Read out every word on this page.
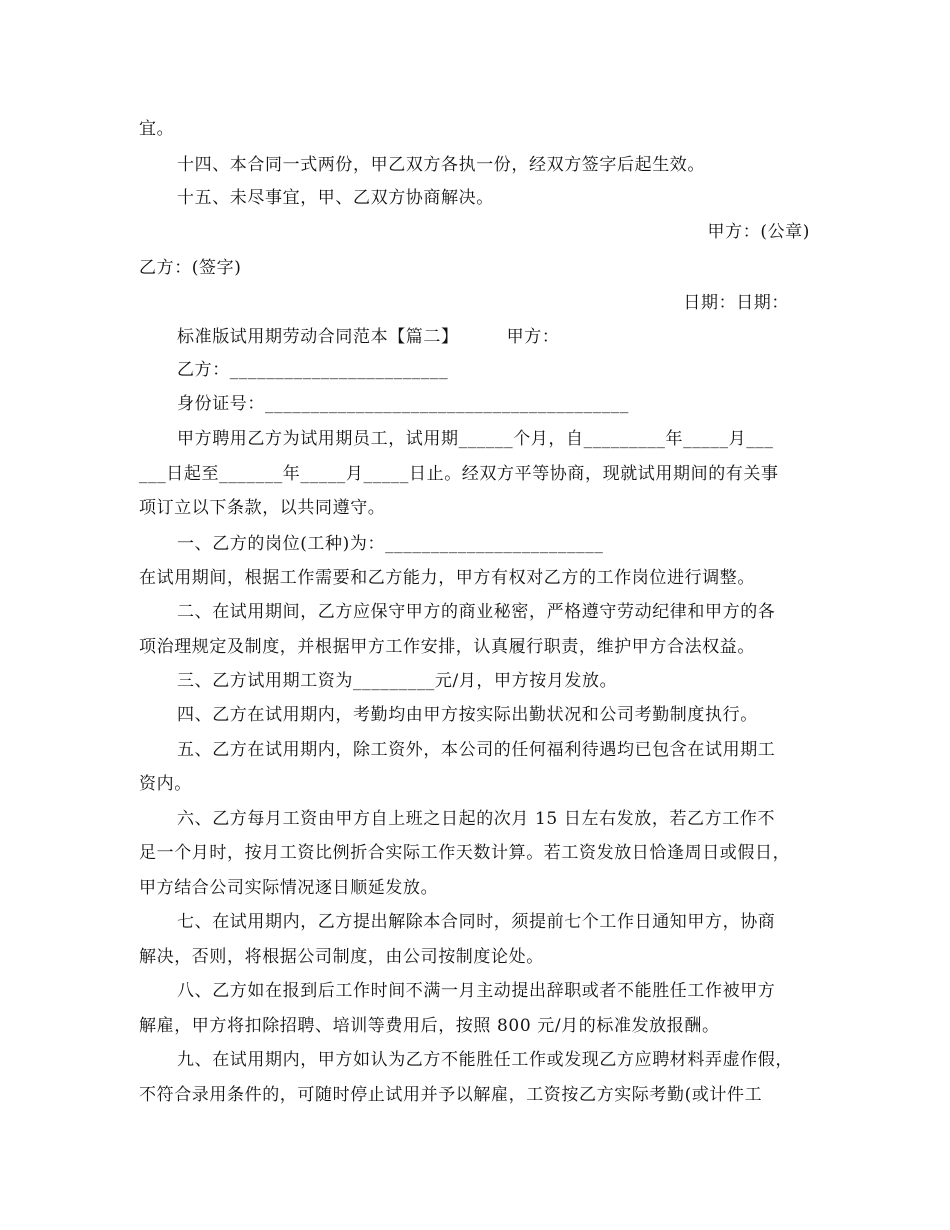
宜。
十四、本合同一式两份，甲乙双方各执一份，经双方签字后起生效。
十五、未尽事宜，甲、乙双方协商解决。
甲方：(公章)
乙方：(签字)
日期：日期：
标准版试用期劳动合同范本【篇二】        甲方：
乙方：________________________
身份证号：________________________________________
甲方聘用乙方为试用期员工，试用期______个月，自_________年_____月___
___日起至_______年_____月_____日止。经双方平等协商，现就试用期间的有关事
项订立以下条款，以共同遵守。
一、乙方的岗位(工种)为：________________________
在试用期间，根据工作需要和乙方能力，甲方有权对乙方的工作岗位进行调整。
二、在试用期间，乙方应保守甲方的商业秘密，严格遵守劳动纪律和甲方的各
项治理规定及制度，并根据甲方工作安排，认真履行职责，维护甲方合法权益。
三、乙方试用期工资为_________元/月，甲方按月发放。
四、乙方在试用期内，考勤均由甲方按实际出勤状况和公司考勤制度执行。
五、乙方在试用期内，除工资外，本公司的任何福利待遇均已包含在试用期工
资内。
六、乙方每月工资由甲方自上班之日起的次月 15 日左右发放，若乙方工作不
足一个月时，按月工资比例折合实际工作天数计算。若工资发放日恰逢周日或假日，
甲方结合公司实际情况逐日顺延发放。
七、在试用期内，乙方提出解除本合同时，须提前七个工作日通知甲方，协商
解决，否则，将根据公司制度，由公司按制度论处。
八、乙方如在报到后工作时间不满一月主动提出辞职或者不能胜任工作被甲方
解雇，甲方将扣除招聘、培训等费用后，按照 800 元/月的标准发放报酬。
九、在试用期内，甲方如认为乙方不能胜任工作或发现乙方应聘材料弄虚作假，
不符合录用条件的，可随时停止试用并予以解雇，工资按乙方实际考勤(或计件工
